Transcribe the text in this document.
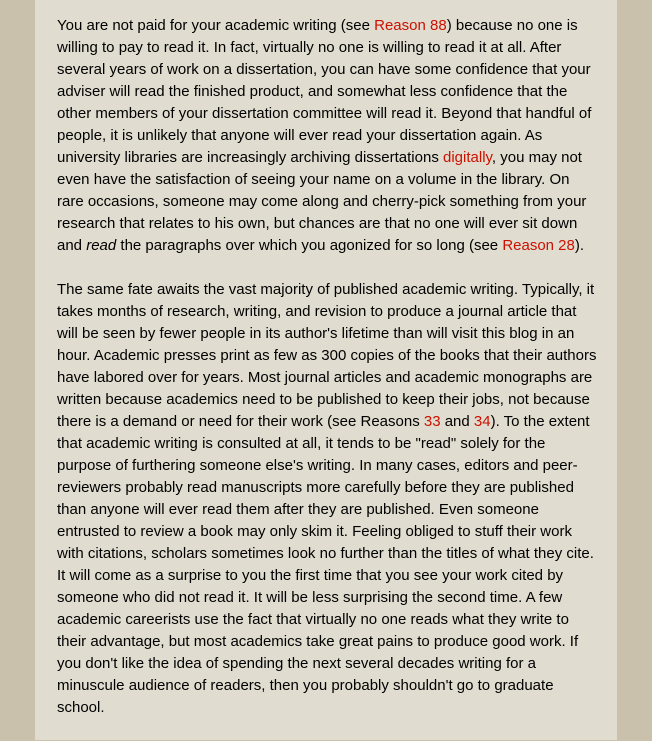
You are not paid for your academic writing (see Reason 88) because no one is willing to pay to read it. In fact, virtually no one is willing to read it at all. After several years of work on a dissertation, you can have some confidence that your adviser will read the finished product, and somewhat less confidence that the other members of your dissertation committee will read it. Beyond that handful of people, it is unlikely that anyone will ever read your dissertation again. As university libraries are increasingly archiving dissertations digitally, you may not even have the satisfaction of seeing your name on a volume in the library. On rare occasions, someone may come along and cherry-pick something from your research that relates to his own, but chances are that no one will ever sit down and read the paragraphs over which you agonized for so long (see Reason 28).

The same fate awaits the vast majority of published academic writing. Typically, it takes months of research, writing, and revision to produce a journal article that will be seen by fewer people in its author's lifetime than will visit this blog in an hour. Academic presses print as few as 300 copies of the books that their authors have labored over for years. Most journal articles and academic monographs are written because academics need to be published to keep their jobs, not because there is a demand or need for their work (see Reasons 33 and 34). To the extent that academic writing is consulted at all, it tends to be "read" solely for the purpose of furthering someone else's writing. In many cases, editors and peer-reviewers probably read manuscripts more carefully before they are published than anyone will ever read them after they are published. Even someone entrusted to review a book may only skim it. Feeling obliged to stuff their work with citations, scholars sometimes look no further than the titles of what they cite. It will come as a surprise to you the first time that you see your work cited by someone who did not read it. It will be less surprising the second time. A few academic careerists use the fact that virtually no one reads what they write to their advantage, but most academics take great pains to produce good work. If you don't like the idea of spending the next several decades writing for a minuscule audience of readers, then you probably shouldn't go to graduate school.
